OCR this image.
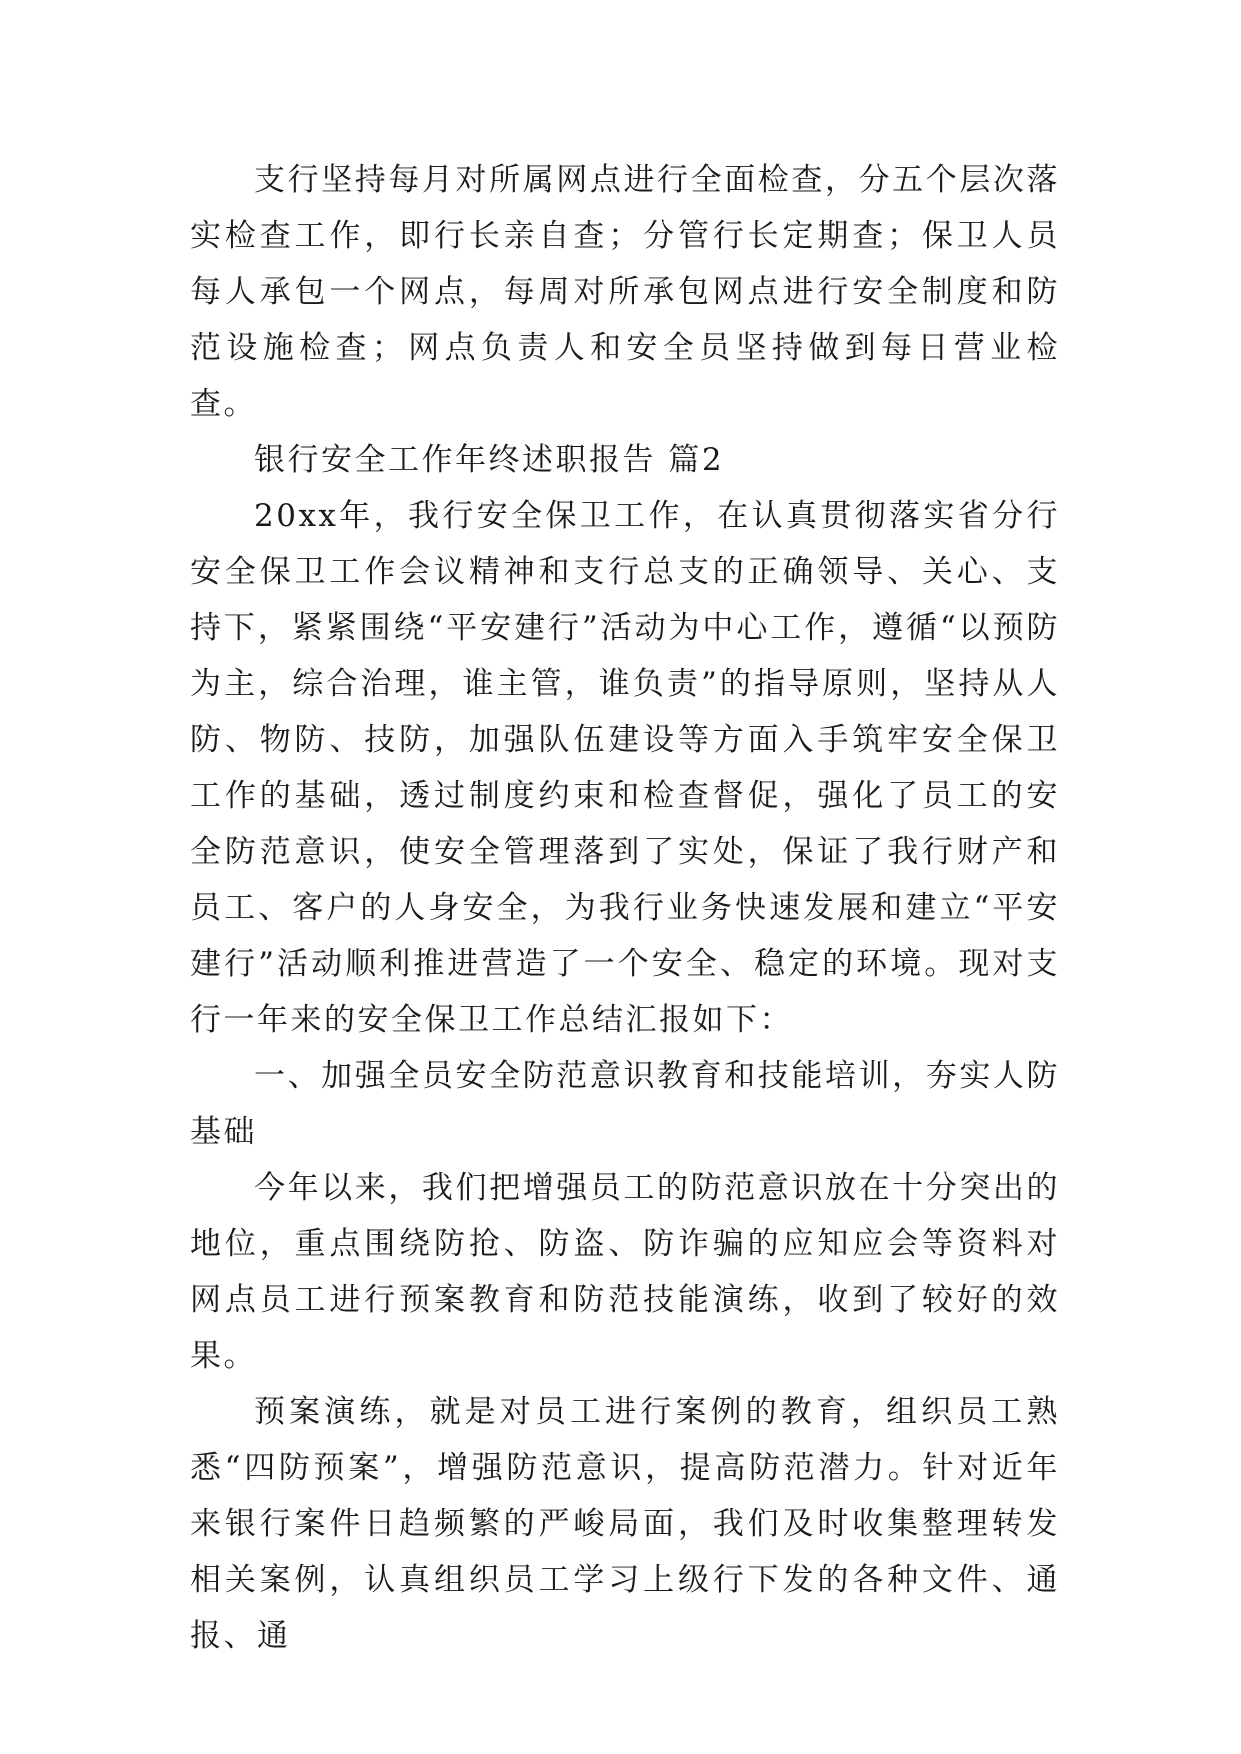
支行坚持每月对所属网点进行全面检查，分五个层次落实检查工作，即行长亲自查；分管行长定期查；保卫人员每人承包一个网点，每周对所承包网点进行安全制度和防范设施检查；网点负责人和安全员坚持做到每日营业检查。

银行安全工作年终述职报告 篇2

20xx年，我行安全保卫工作，在认真贯彻落实省分行安全保卫工作会议精神和支行总支的正确领导、关心、支持下，紧紧围绕“平安建行”活动为中心工作，遵循“以预防为主，综合治理，谁主管，谁负责”的指导原则，坚持从人防、物防、技防，加强队伍建设等方面入手筑牢安全保卫工作的基础，透过制度约束和检查督促，强化了员工的安全防范意识，使安全管理落到了实处，保证了我行财产和员工、客户的人身安全，为我行业务快速发展和建立“平安建行”活动顺利推进营造了一个安全、稳定的环境。现对支行一年来的安全保卫工作总结汇报如下：

一、加强全员安全防范意识教育和技能培训，夯实人防基础

今年以来，我们把增强员工的防范意识放在十分突出的地位，重点围绕防抢、防盗、防诈骗的应知应会等资料对网点员工进行预案教育和防范技能演练，收到了较好的效果。

预案演练，就是对员工进行案例的教育，组织员工熟悉“四防预案”，增强防范意识，提高防范潜力。针对近年来银行案件日趋频繁的严峻局面，我们及时收集整理转发相关案例，认真组织员工学习上级行下发的各种文件、通报、通
